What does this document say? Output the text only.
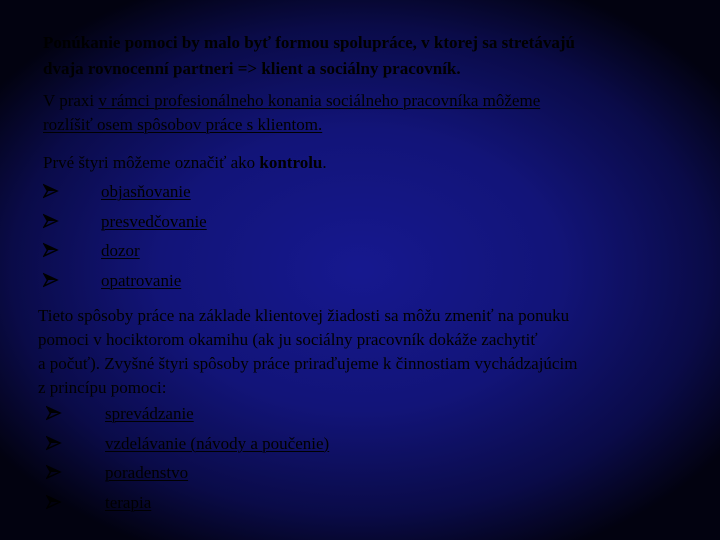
Ponúkanie pomoci by malo byť formou spolupráce, v ktorej sa stretávajú
dvaja rovnocenní partneri => klient a sociálny pracovník.
V praxi v rámci profesionálneho konania sociálneho pracovníka môžeme
rozlíšiť osem spôsobov práce s klientom.
Prvé štyri môžeme označiť ako kontrolu.
objasňovanie
presvedčovanie
dozor
opatrovanie
Tieto spôsoby práce na základe klientovej žiadosti sa môžu zmeniť na ponuku
pomoci v hociktorom okamihu (ak ju sociálny pracovník dokáže zachytiť
a počuť). Zvyšné štyri spôsoby práce priraďujeme k činnostiam vychádzajúcim
z princípu pomoci:
sprevádzanie
vzdelávanie (návody a poučenie)
poradenstvo
terapia
